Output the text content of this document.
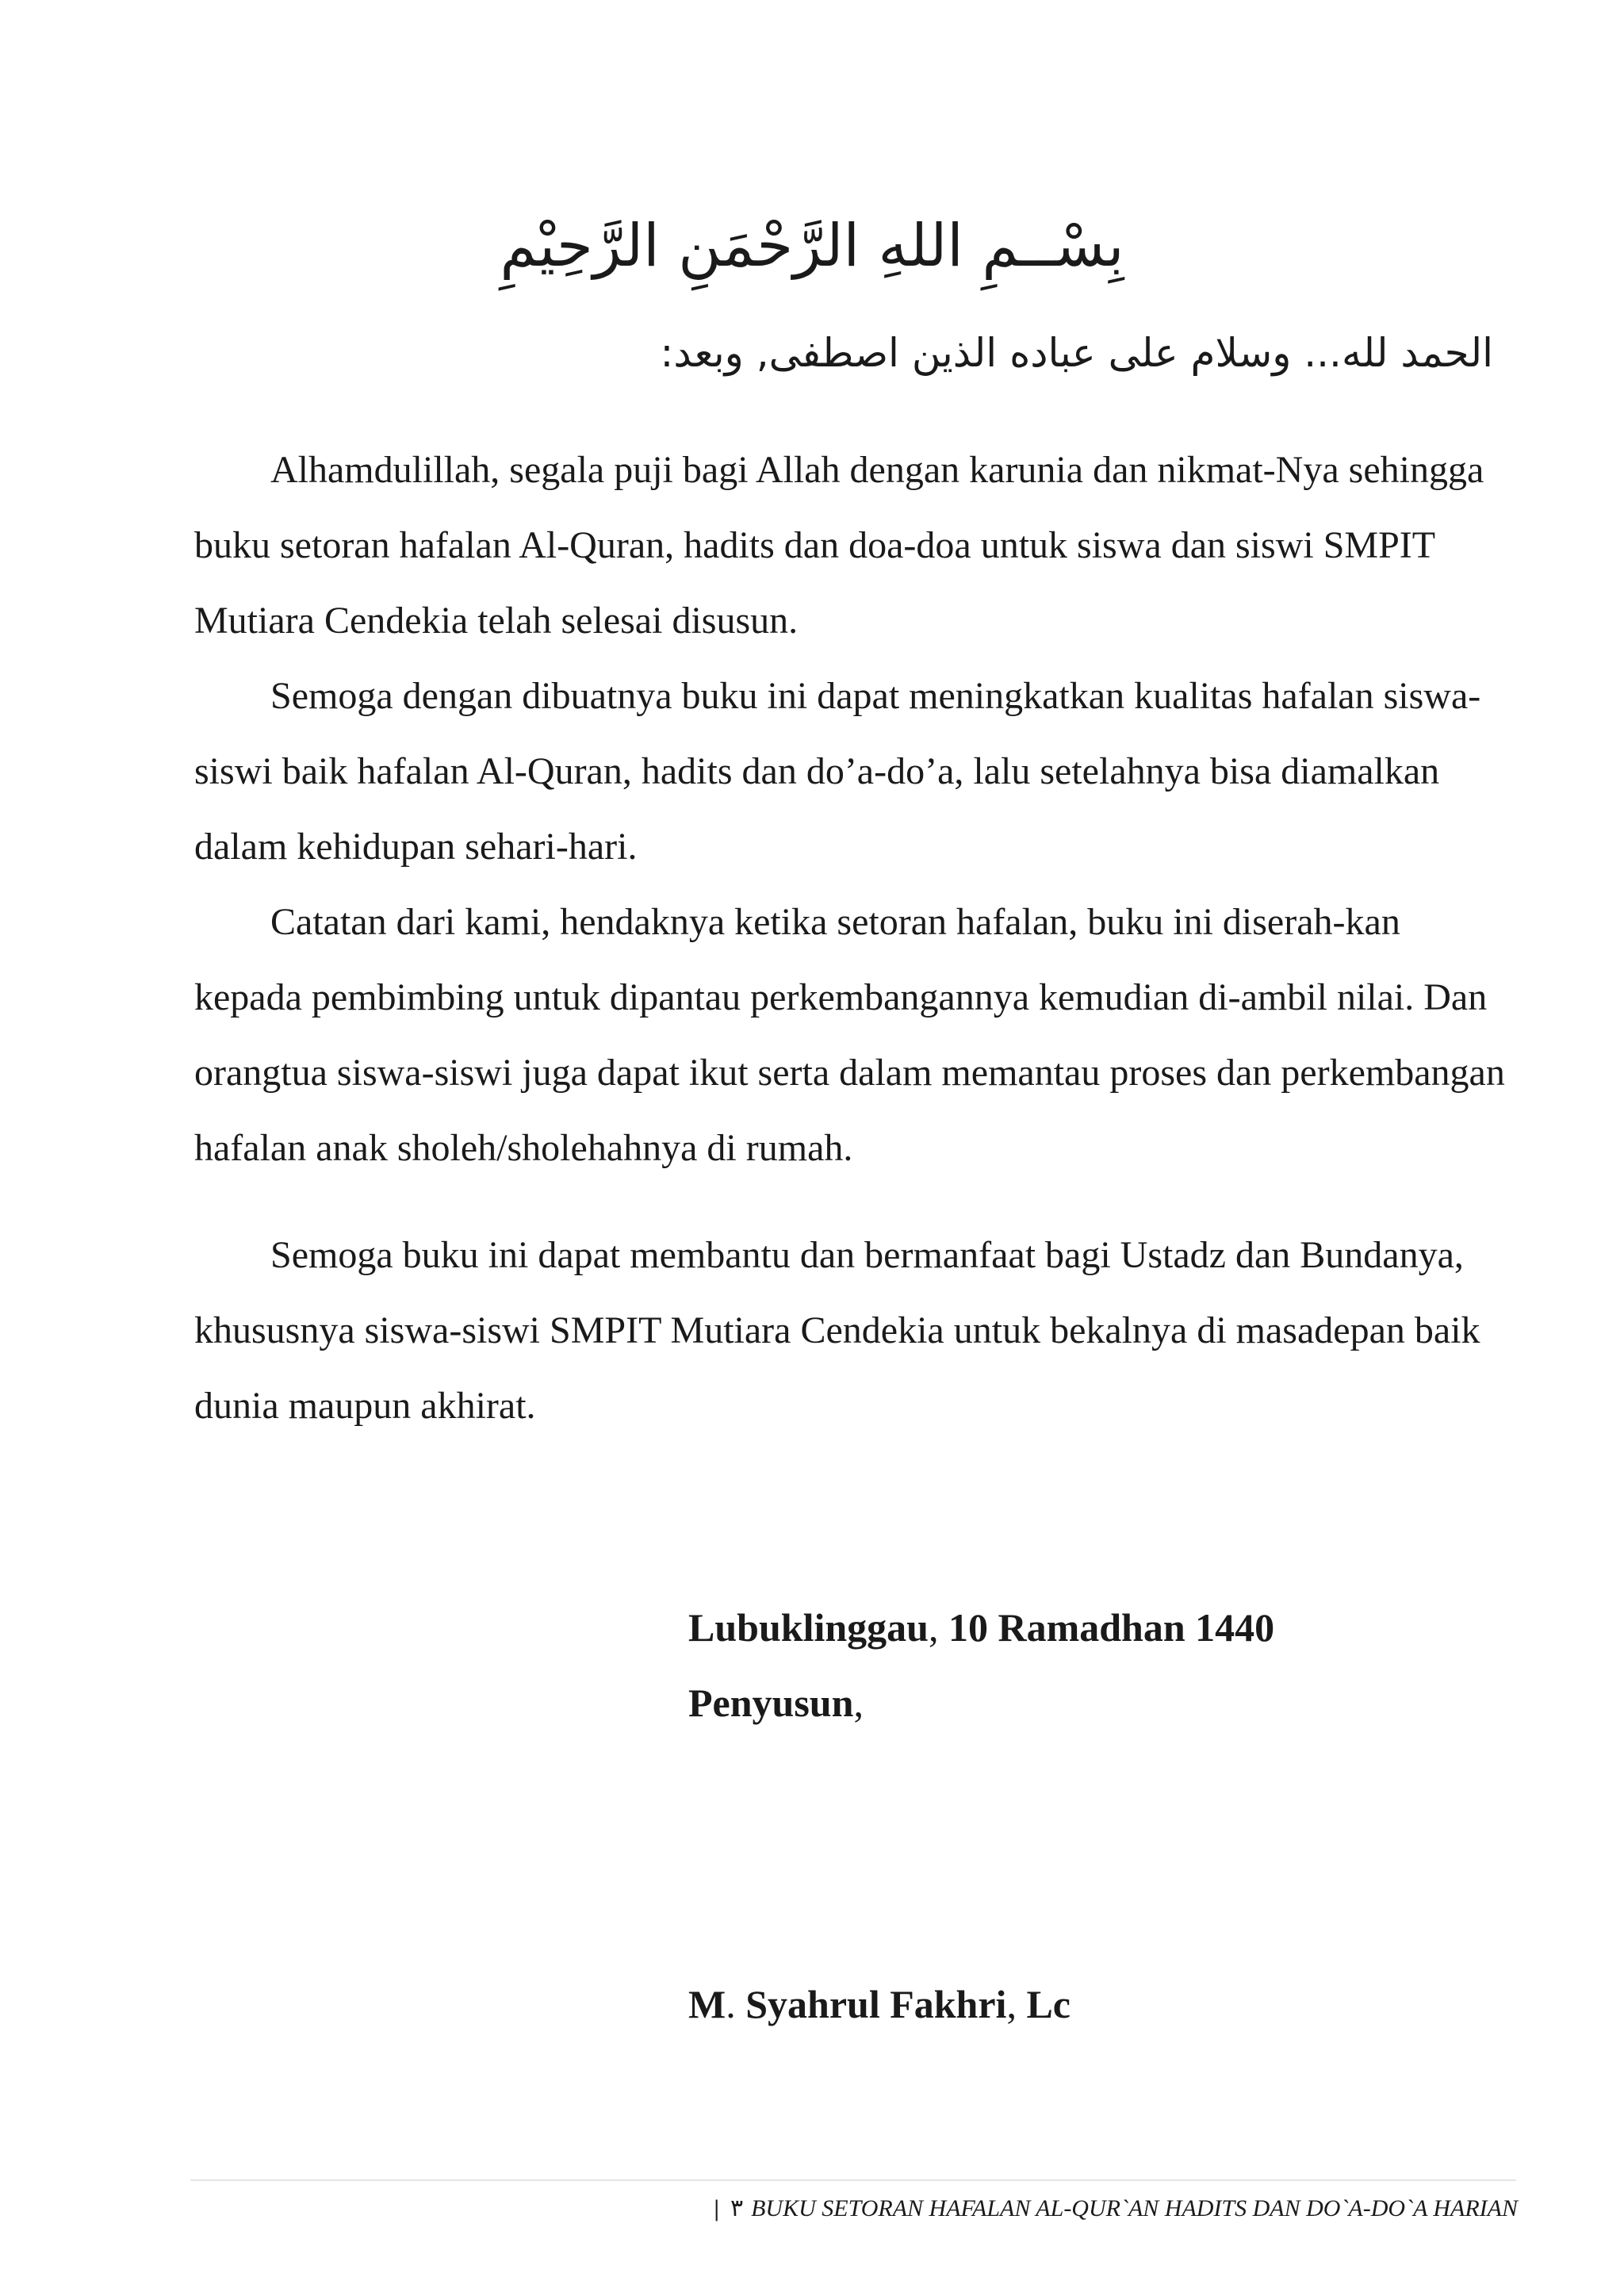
بِسْــمِ اللهِ الرَّحْمَنِ الرَّحِيْمِ
الحمد لله... وسلام على عباده الذين اصطفى, وبعد:

Alhamdulillah, segala puji bagi Allah dengan karunia dan nikmat-Nya sehingga buku setoran hafalan Al-Quran, hadits dan doa-doa untuk siswa dan siswi SMPIT Mutiara Cendekia telah selesai disusun.

Semoga dengan dibuatnya buku ini dapat meningkatkan kualitas hafalan siswa-siswi baik hafalan Al-Quran, hadits dan do’a-do’a, lalu setelahnya bisa diamalkan dalam kehidupan sehari-hari.

Catatan dari kami, hendaknya ketika setoran hafalan, buku ini diserah-kan kepada pembimbing untuk dipantau perkembangannya kemudian di-ambil nilai. Dan orangtua siswa-siswi juga dapat ikut serta dalam memantau proses dan perkembangan hafalan anak sholeh/sholehahnya di rumah.

Semoga buku ini dapat membantu dan bermanfaat bagi Ustadz dan Bundanya, khususnya siswa-siswi SMPIT Mutiara Cendekia untuk bekalnya di masadepan baik dunia maupun akhirat.

Lubuklinggau, 10 Ramadhan 1440
Penyusun,
M. Syahrul Fakhri, Lc
| ٣ BUKU SETORAN HAFALAN AL-QUR`AN HADITS DAN DO`A-DO`A HARIAN
